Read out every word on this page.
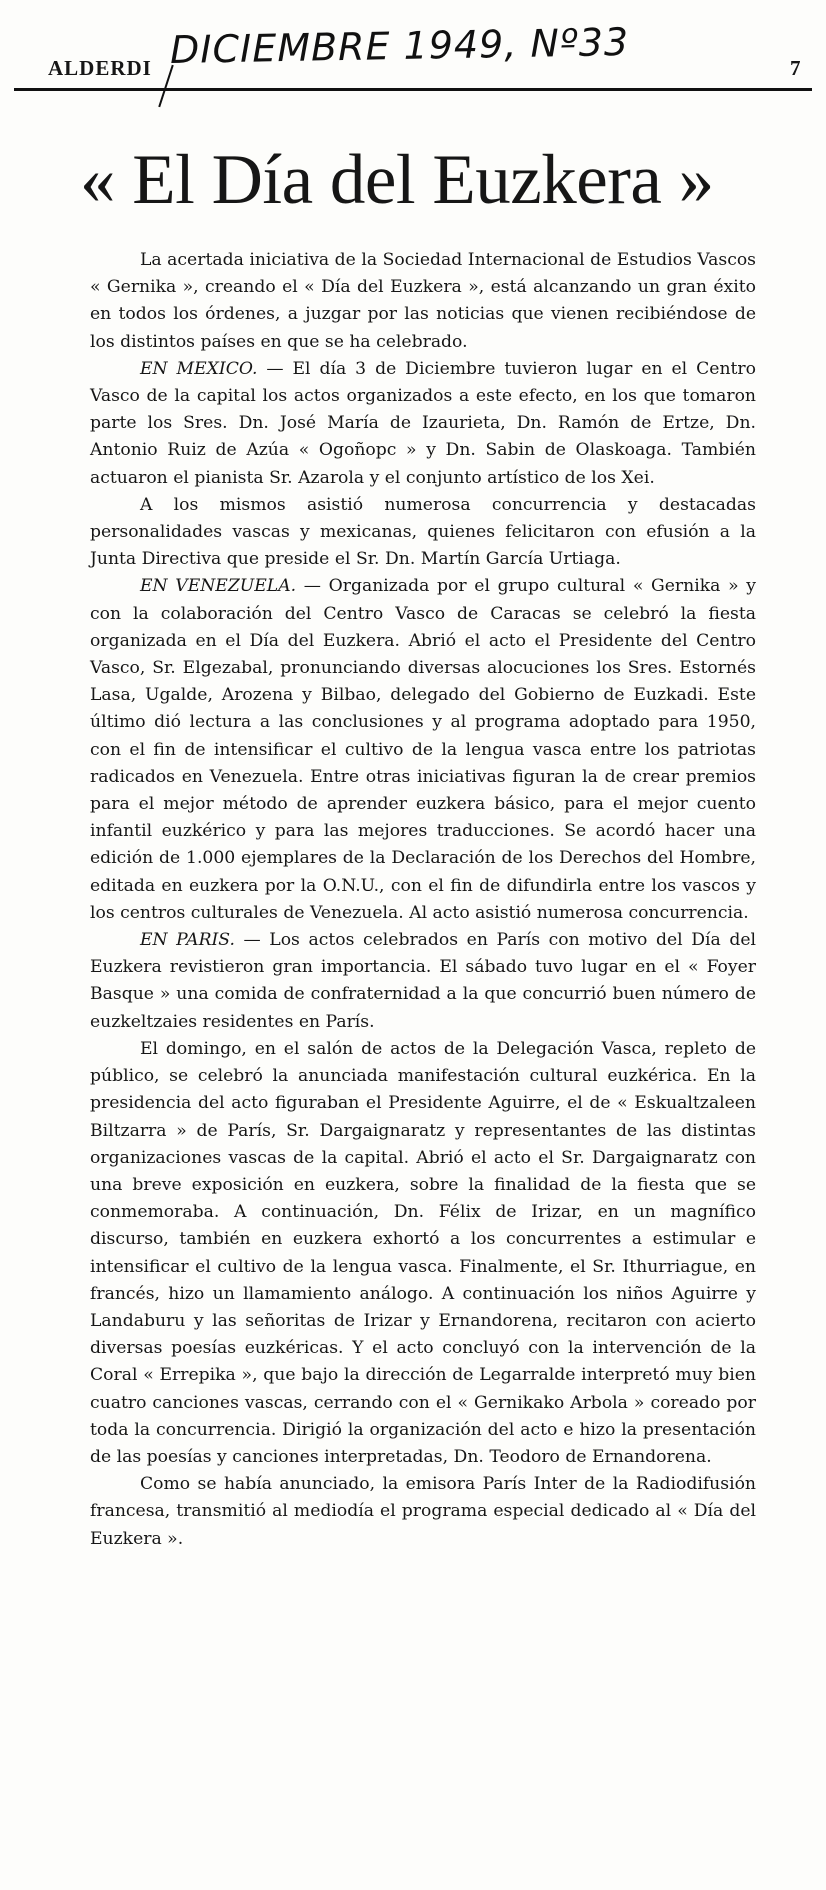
ALDERDI DICIEMBRE 1949, Nº33	7
« El Día del Euzkera »

La acertada iniciativa de la Sociedad Internacional de Estudios Vascos « Gernika », creando el « Día del Euzkera », está alcanzando un gran éxito en todos los órdenes, a juzgar por las noticias que vienen recibiéndose de los distintos países en que se ha celebrado.

EN MEXICO. — El día 3 de Diciembre tuvieron lugar en el Centro Vasco de la capital los actos organizados a este efecto, en los que tomaron parte los Sres. Dn. José María de Izaurieta, Dn. Ramón de Ertze, Dn. Antonio Ruiz de Azúa « Ogoñopc » y Dn. Sabin de Olaskoaga. También actuaron el pianista Sr. Azarola y el conjunto artístico de los Xei.

A los mismos asistió numerosa concurrencia y destacadas personalidades vascas y mexicanas, quienes felicitaron con efusión a la Junta Directiva que preside el Sr. Dn. Martín García Urtiaga.

EN VENEZUELA. — Organizada por el grupo cultural « Gernika » y con la colaboración del Centro Vasco de Caracas se celebró la fiesta organizada en el Día del Euzkera. Abrió el acto el Presidente del Centro Vasco, Sr. Elgezabal, pronunciando diversas alocuciones los Sres. Estornés Lasa, Ugalde, Arozena y Bilbao, delegado del Gobierno de Euzkadi. Este último dió lectura a las conclusiones y al programa adoptado para 1950, con el fin de intensificar el cultivo de la lengua vasca entre los patriotas radicados en Venezuela. Entre otras iniciativas figuran la de crear premios para el mejor método de aprender euzkera básico, para el mejor cuento infantil euzkérico y para las mejores traducciones. Se acordó hacer una edición de 1.000 ejemplares de la Declaración de los Derechos del Hombre, editada en euzkera por la O.N.U., con el fin de difundirla entre los vascos y los centros culturales de Venezuela. Al acto asistió numerosa concurrencia.

EN PARIS. — Los actos celebrados en París con motivo del Día del Euzkera revistieron gran importancia. El sábado tuvo lugar en el « Foyer Basque » una comida de confraternidad a la que concurrió buen número de euzkeltzaies residentes en París.

El domingo, en el salón de actos de la Delegación Vasca, repleto de público, se celebró la anunciada manifestación cultural euzkérica. En la presidencia del acto figuraban el Presidente Aguirre, el de « Eskualtzaleen Biltzarra » de París, Sr. Dargaignaratz y representantes de las distintas organizaciones vascas de la capital. Abrió el acto el Sr. Dargaignaratz con una breve exposición en euzkera, sobre la finalidad de la fiesta que se conmemoraba. A continuación, Dn. Félix de Irizar, en un magnífico discurso, también en euzkera exhortó a los concurrentes a estimular e intensificar el cultivo de la lengua vasca. Finalmente, el Sr. Ithurriague, en francés, hizo un llamamiento análogo. A continuación los niños Aguirre y Landaburu y las señoritas de Irizar y Ernandorena, recitaron con acierto diversas poesías euzkéricas. Y el acto concluyó con la intervención de la Coral « Errepika », que bajo la dirección de Legarralde interpretó muy bien cuatro canciones vascas, cerrando con el « Gernikako Arbola » coreado por toda la concurrencia. Dirigió la organización del acto e hizo la presentación de las poesías y canciones interpretadas, Dn. Teodoro de Ernandorena.

Como se había anunciado, la emisora París Inter de la Radiodifusión francesa, transmitió al mediodía el programa especial dedicado al « Día del Euzkera ».
